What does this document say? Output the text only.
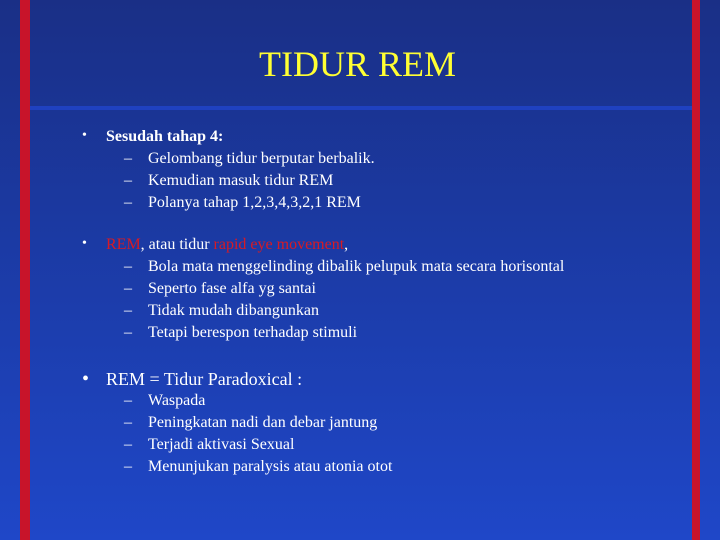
TIDUR REM
•	Sesudah tahap 4:
– Gelombang tidur berputar berbalik.
– Kemudian masuk tidur REM
– Polanya tahap 1,2,3,4,3,2,1 REM
•	REM, atau tidur rapid eye movement,
– Bola mata menggelinding dibalik pelupuk mata secara horisontal
– Seperto fase alfa yg santai
– Tidak mudah dibangunkan
– Tetapi berespon terhadap stimuli
• REM = Tidur Paradoxical :
– Waspada
– Peningkatan nadi dan debar jantung
– Terjadi aktivasi Sexual
– Menunjukan paralysis atau atonia otot
